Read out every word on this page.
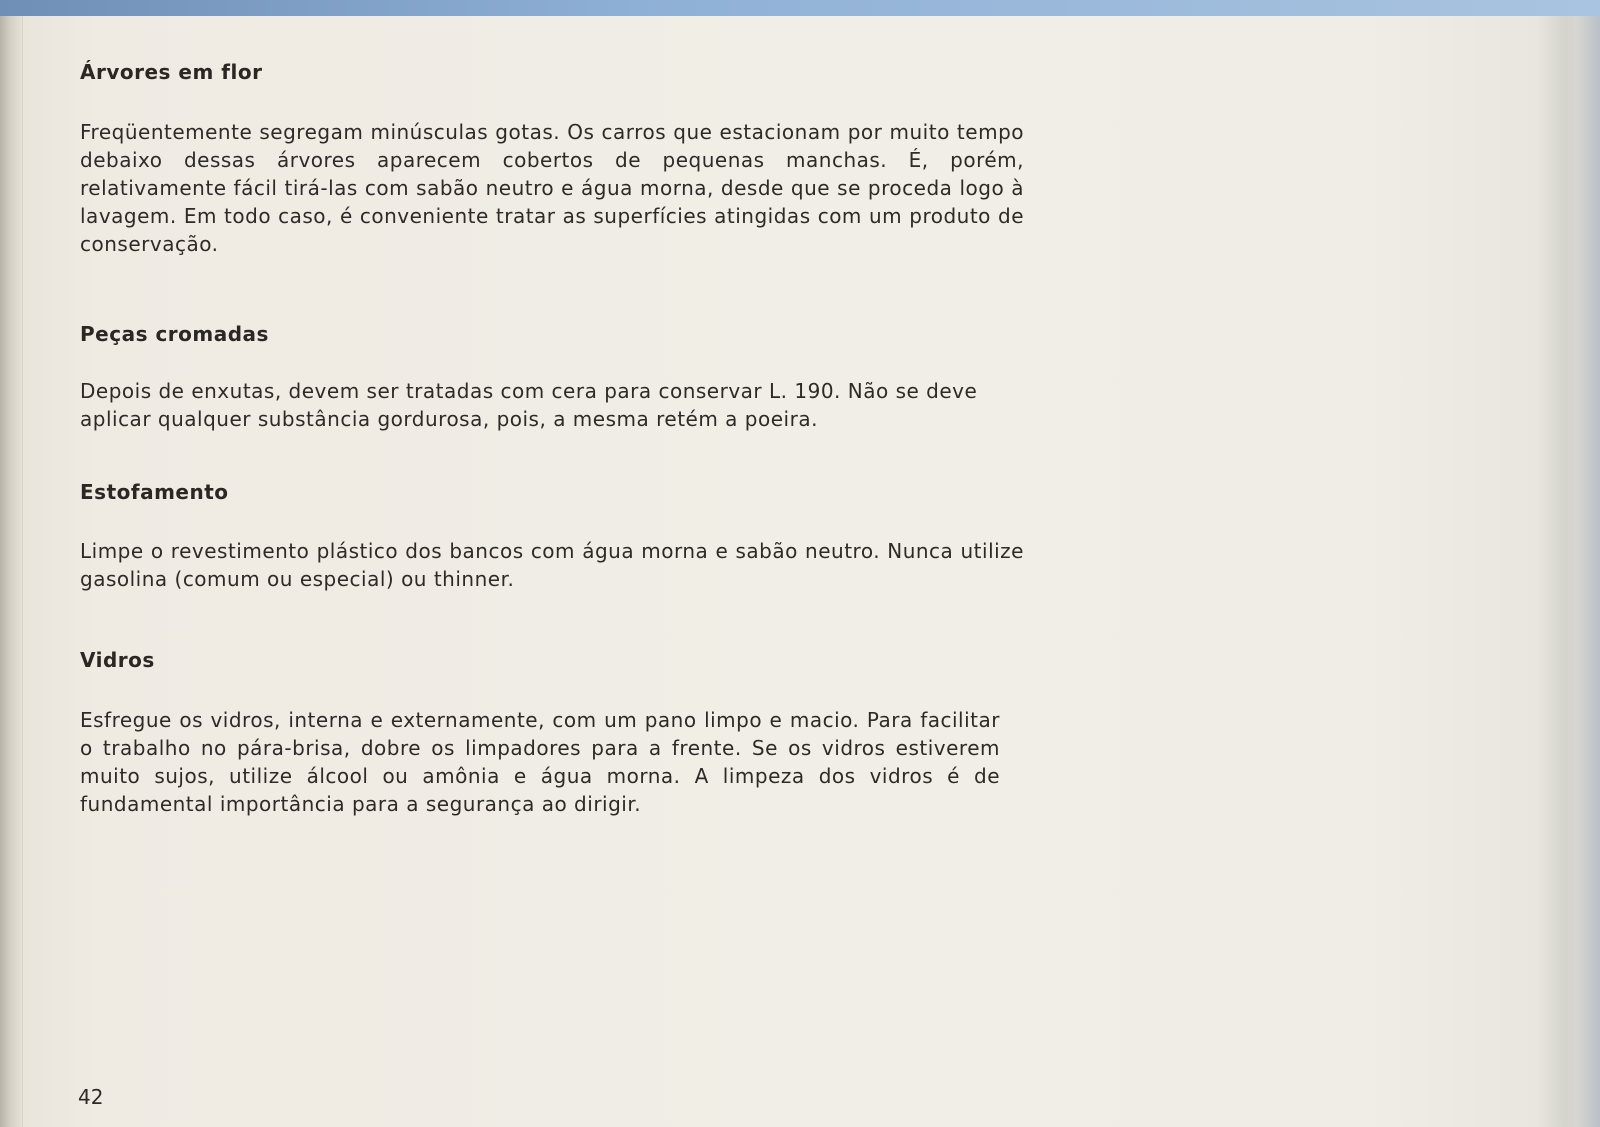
Árvores em flor

Freqüentemente segregam minúsculas gotas. Os carros que estacionam por muito tempo debaixo dessas árvores aparecem cobertos de pequenas manchas. É, porém, relativamente fácil tirá-las com sabão neutro e água morna, desde que se proceda logo à lavagem. Em todo caso, é conveniente tratar as superfícies atingidas com um produto de conservação.

Peças cromadas

Depois de enxutas, devem ser tratadas com cera para conservar L. 190. Não se deve aplicar qualquer substância gordurosa, pois, a mesma retém a poeira.

Estofamento

Limpe o revestimento plástico dos bancos com água morna e sabão neutro. Nunca utilize gasolina (comum ou especial) ou thinner.

Vidros

Esfregue os vidros, interna e externamente, com um pano limpo e macio. Para facilitar o trabalho no pára-brisa, dobre os limpadores para a frente. Se os vidros estiverem muito sujos, utilize álcool ou amônia e água morna. A limpeza dos vidros é de fundamental importância para a segurança ao dirigir.

42
